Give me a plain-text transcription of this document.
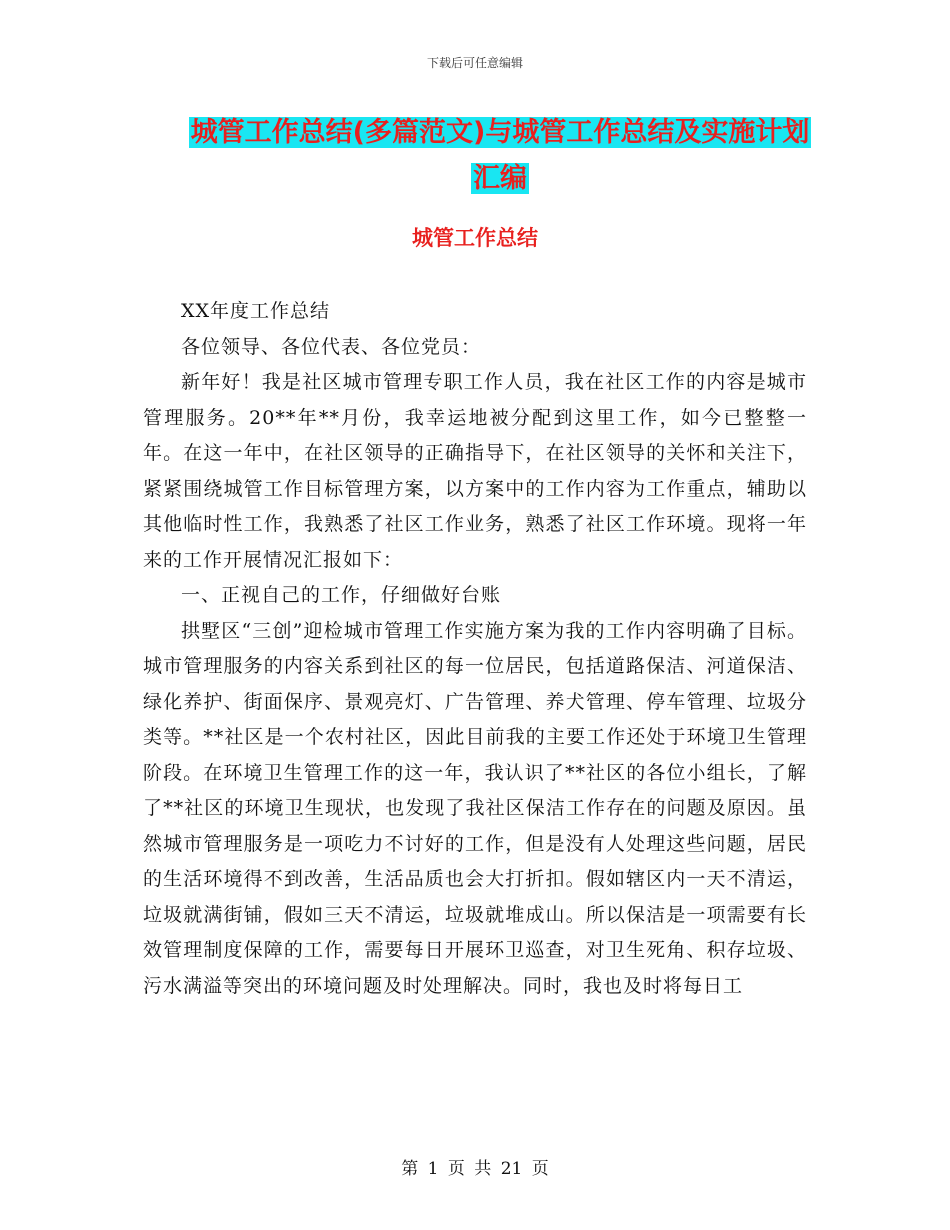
下载后可任意编辑
城管工作总结(多篇范文)与城管工作总结及实施计划
汇编
城管工作总结

XX年度工作总结

各位领导、各位代表、各位党员：

新年好！我是社区城市管理专职工作人员，我在社区工作的内容是城市管理服务。20**年**月份，我幸运地被分配到这里工作，如今已整整一年。在这一年中，在社区领导的正确指导下，在社区领导的关怀和关注下，紧紧围绕城管工作目标管理方案，以方案中的工作内容为工作重点，辅助以其他临时性工作，我熟悉了社区工作业务，熟悉了社区工作环境。现将一年来的工作开展情况汇报如下：

一、正视自己的工作，仔细做好台账

拱墅区“三创”迎检城市管理工作实施方案为我的工作内容明确了目标。城市管理服务的内容关系到社区的每一位居民，包括道路保洁、河道保洁、绿化养护、街面保序、景观亮灯、广告管理、养犬管理、停车管理、垃圾分类等。**社区是一个农村社区，因此目前我的主要工作还处于环境卫生管理阶段。在环境卫生管理工作的这一年，我认识了**社区的各位小组长，了解了**社区的环境卫生现状，也发现了我社区保洁工作存在的问题及原因。虽然城市管理服务是一项吃力不讨好的工作，但是没有人处理这些问题，居民的生活环境得不到改善，生活品质也会大打折扣。假如辖区内一天不清运，垃圾就满街铺，假如三天不清运，垃圾就堆成山。所以保洁是一项需要有长效管理制度保障的工作，需要每日开展环卫巡查，对卫生死角、积存垃圾、污水满溢等突出的环境问题及时处理解决。同时，我也及时将每日工

第 1 页 共 21 页
